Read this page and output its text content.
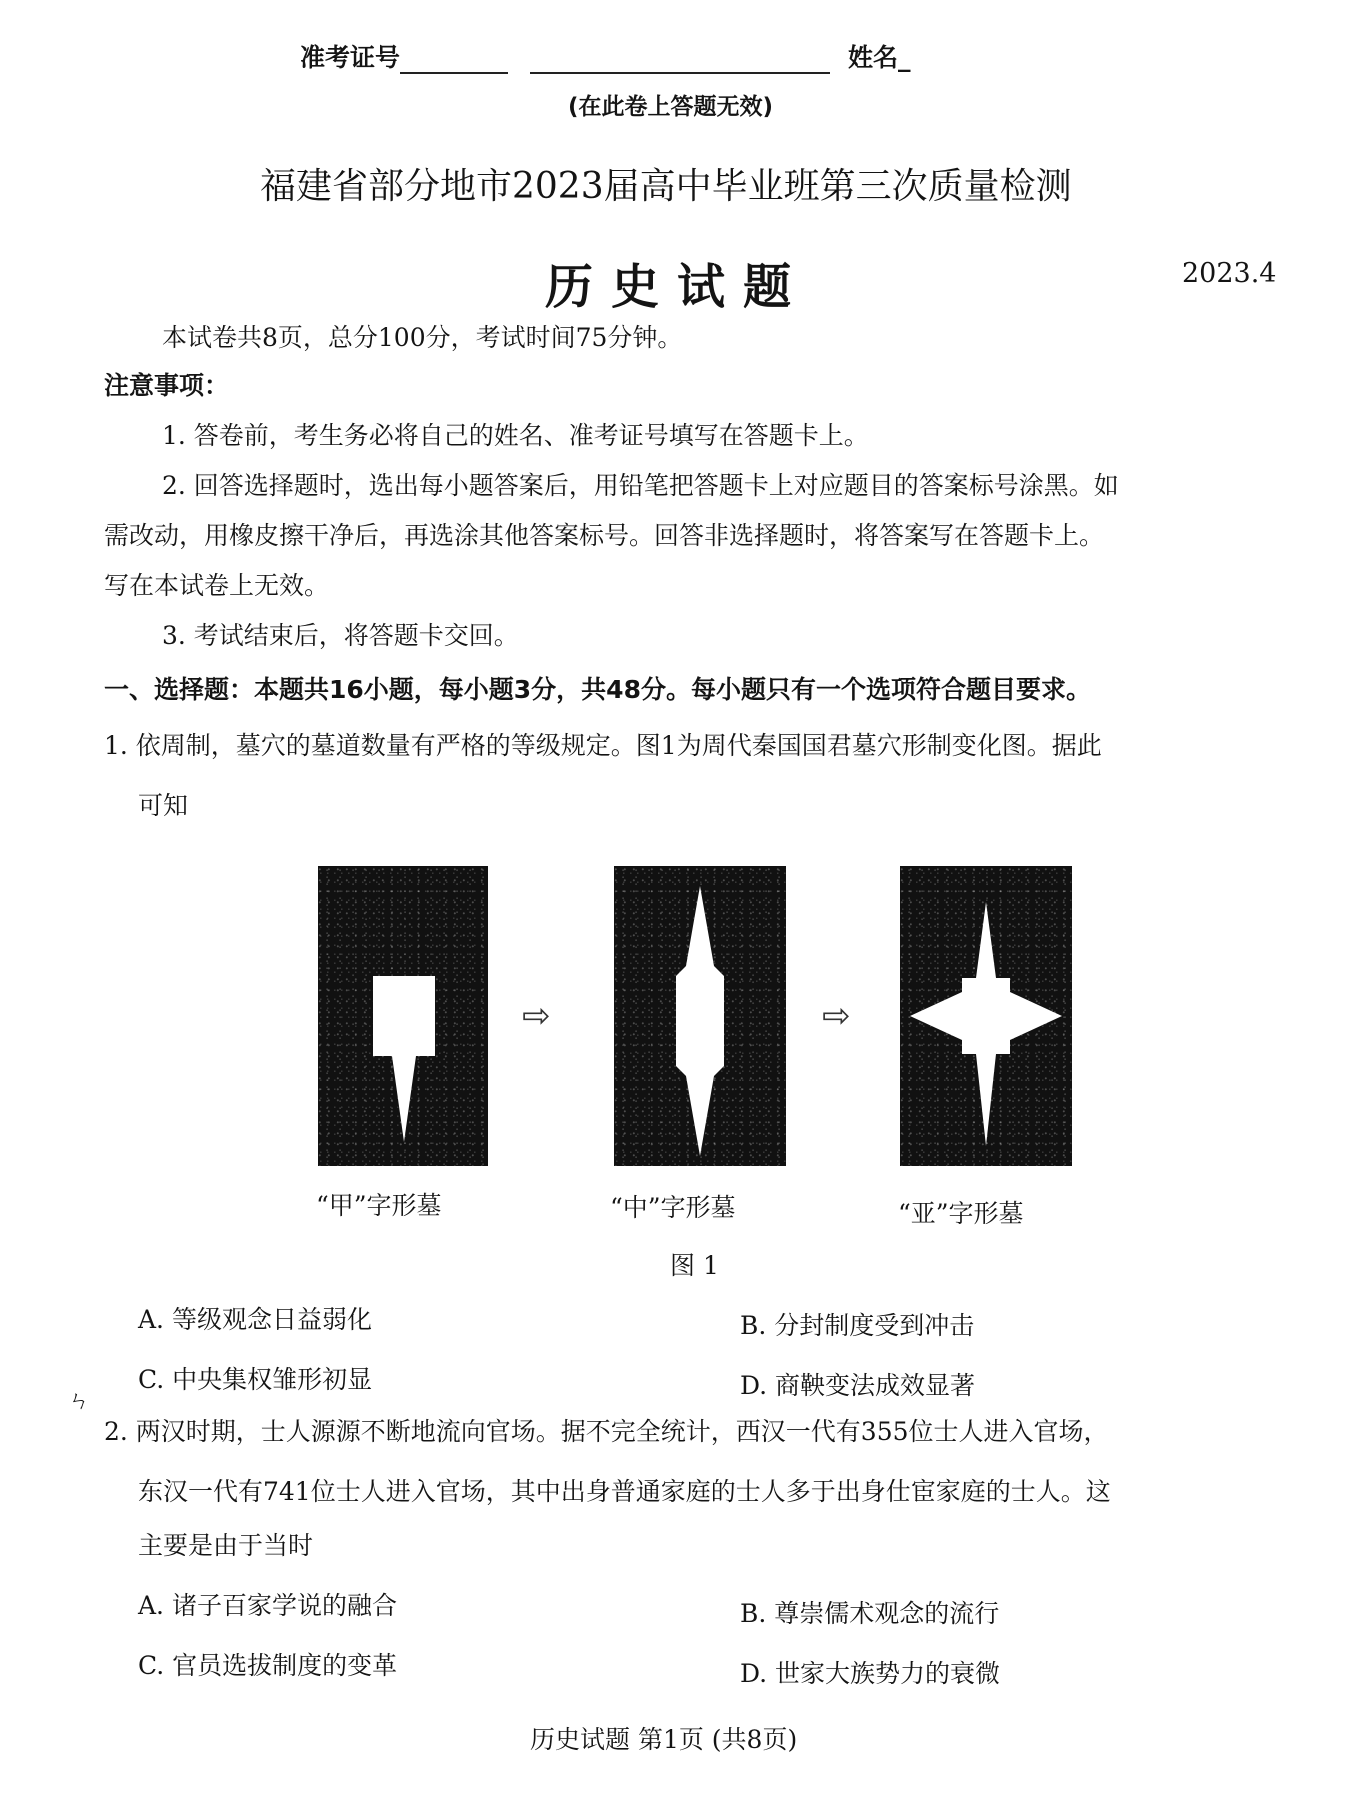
准考证号	姓名_
(在此卷上答题无效)
福建省部分地市2023届高中毕业班第三次质量检测
历史试题	2023.4
本试卷共8页，总分100分，考试时间75分钟。
注意事项：
1. 答卷前，考生务必将自己的姓名、准考证号填写在答题卡上。
2. 回答选择题时，选出每小题答案后，用铅笔把答题卡上对应题目的答案标号涂黑。如
需改动，用橡皮擦干净后，再选涂其他答案标号。回答非选择题时，将答案写在答题卡上。
写在本试卷上无效。
3. 考试结束后，将答题卡交回。
一、选择题：本题共16小题，每小题3分，共48分。每小题只有一个选项符合题目要求。
1. 依周制，墓穴的墓道数量有严格的等级规定。图1为周代秦国国君墓穴形制变化图。据此
可知
⇨	⇨
“甲”字形墓	“中”字形墓	“亚”字形墓
图 1
A. 等级观念日益弱化	B. 分封制度受到冲击
C. 中央集权雏形初显	D. 商鞅变法成效显著
ㄣ
2. 两汉时期，士人源源不断地流向官场。据不完全统计，西汉一代有355位士人进入官场，
东汉一代有741位士人进入官场，其中出身普通家庭的士人多于出身仕宦家庭的士人。这
主要是由于当时
A. 诸子百家学说的融合	B. 尊崇儒术观念的流行
C. 官员选拔制度的变革	D. 世家大族势力的衰微
历史试题 第1页 (共8页)
